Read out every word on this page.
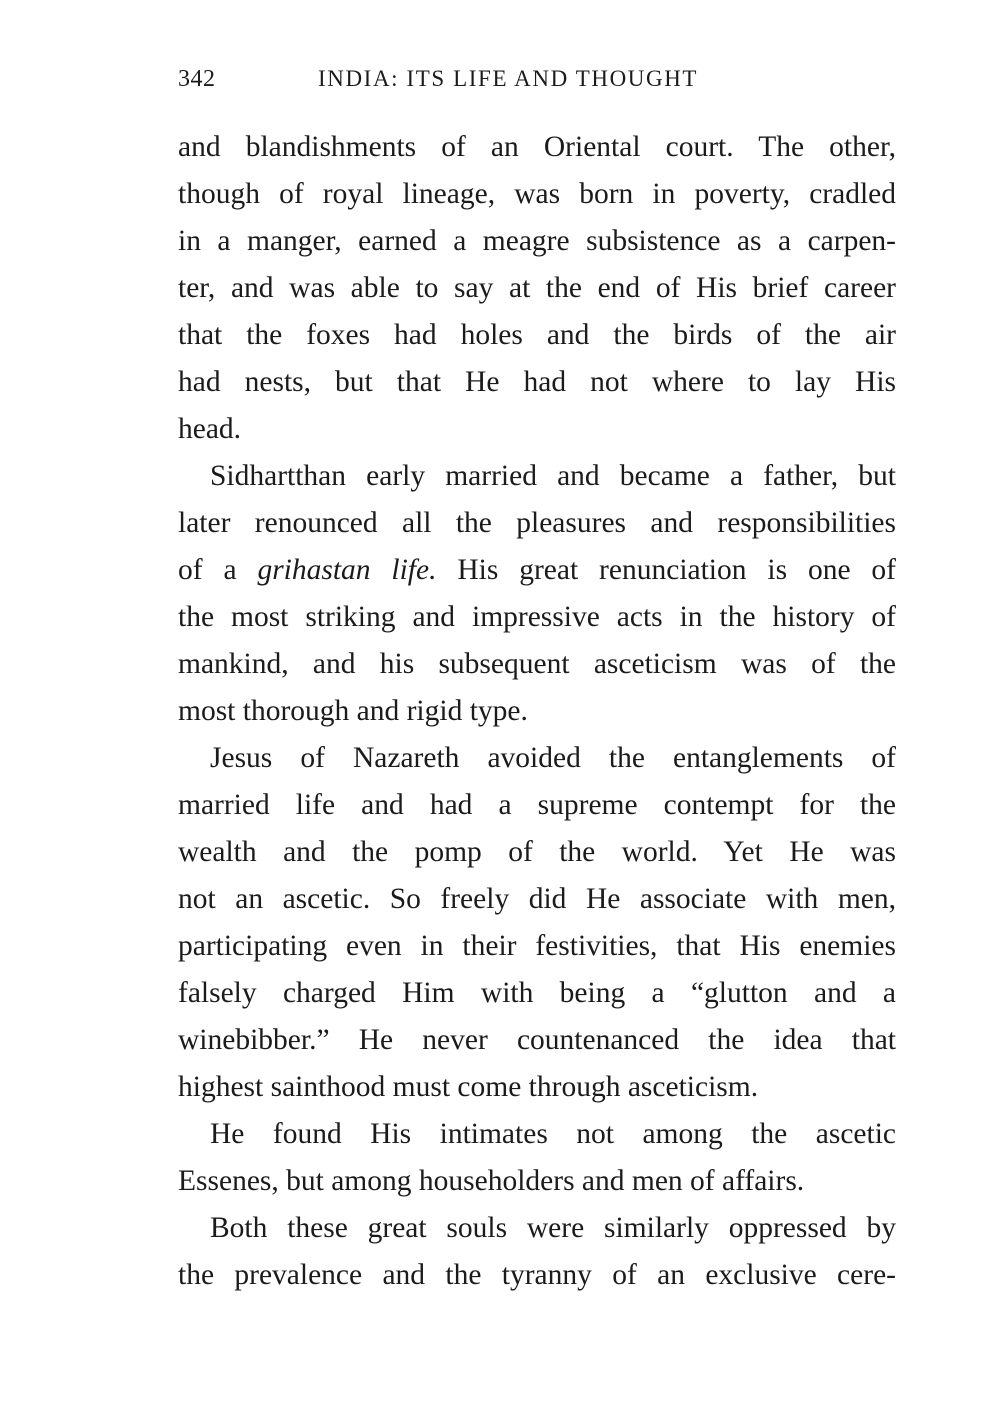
342	INDIA: ITS LIFE AND THOUGHT
and blandishments of an Oriental court. The other,
though of royal lineage, was born in poverty, cradled
in a manger, earned a meagre subsistence as a carpen-
ter, and was able to say at the end of His brief career
that the foxes had holes and the birds of the air
had nests, but that He had not where to lay His
head.
Sidhartthan early married and became a father, but
later renounced all the pleasures and responsibilities
of a grihastan life. His great renunciation is one of
the most striking and impressive acts in the history of
mankind, and his subsequent asceticism was of the
most thorough and rigid type.
Jesus of Nazareth avoided the entanglements of
married life and had a supreme contempt for the
wealth and the pomp of the world. Yet He was
not an ascetic. So freely did He associate with men,
participating even in their festivities, that His enemies
falsely charged Him with being a “glutton and a
winebibber.” He never countenanced the idea that
highest sainthood must come through asceticism.
He found His intimates not among the ascetic
Essenes, but among householders and men of affairs.
Both these great souls were similarly oppressed by
the prevalence and the tyranny of an exclusive cere-
